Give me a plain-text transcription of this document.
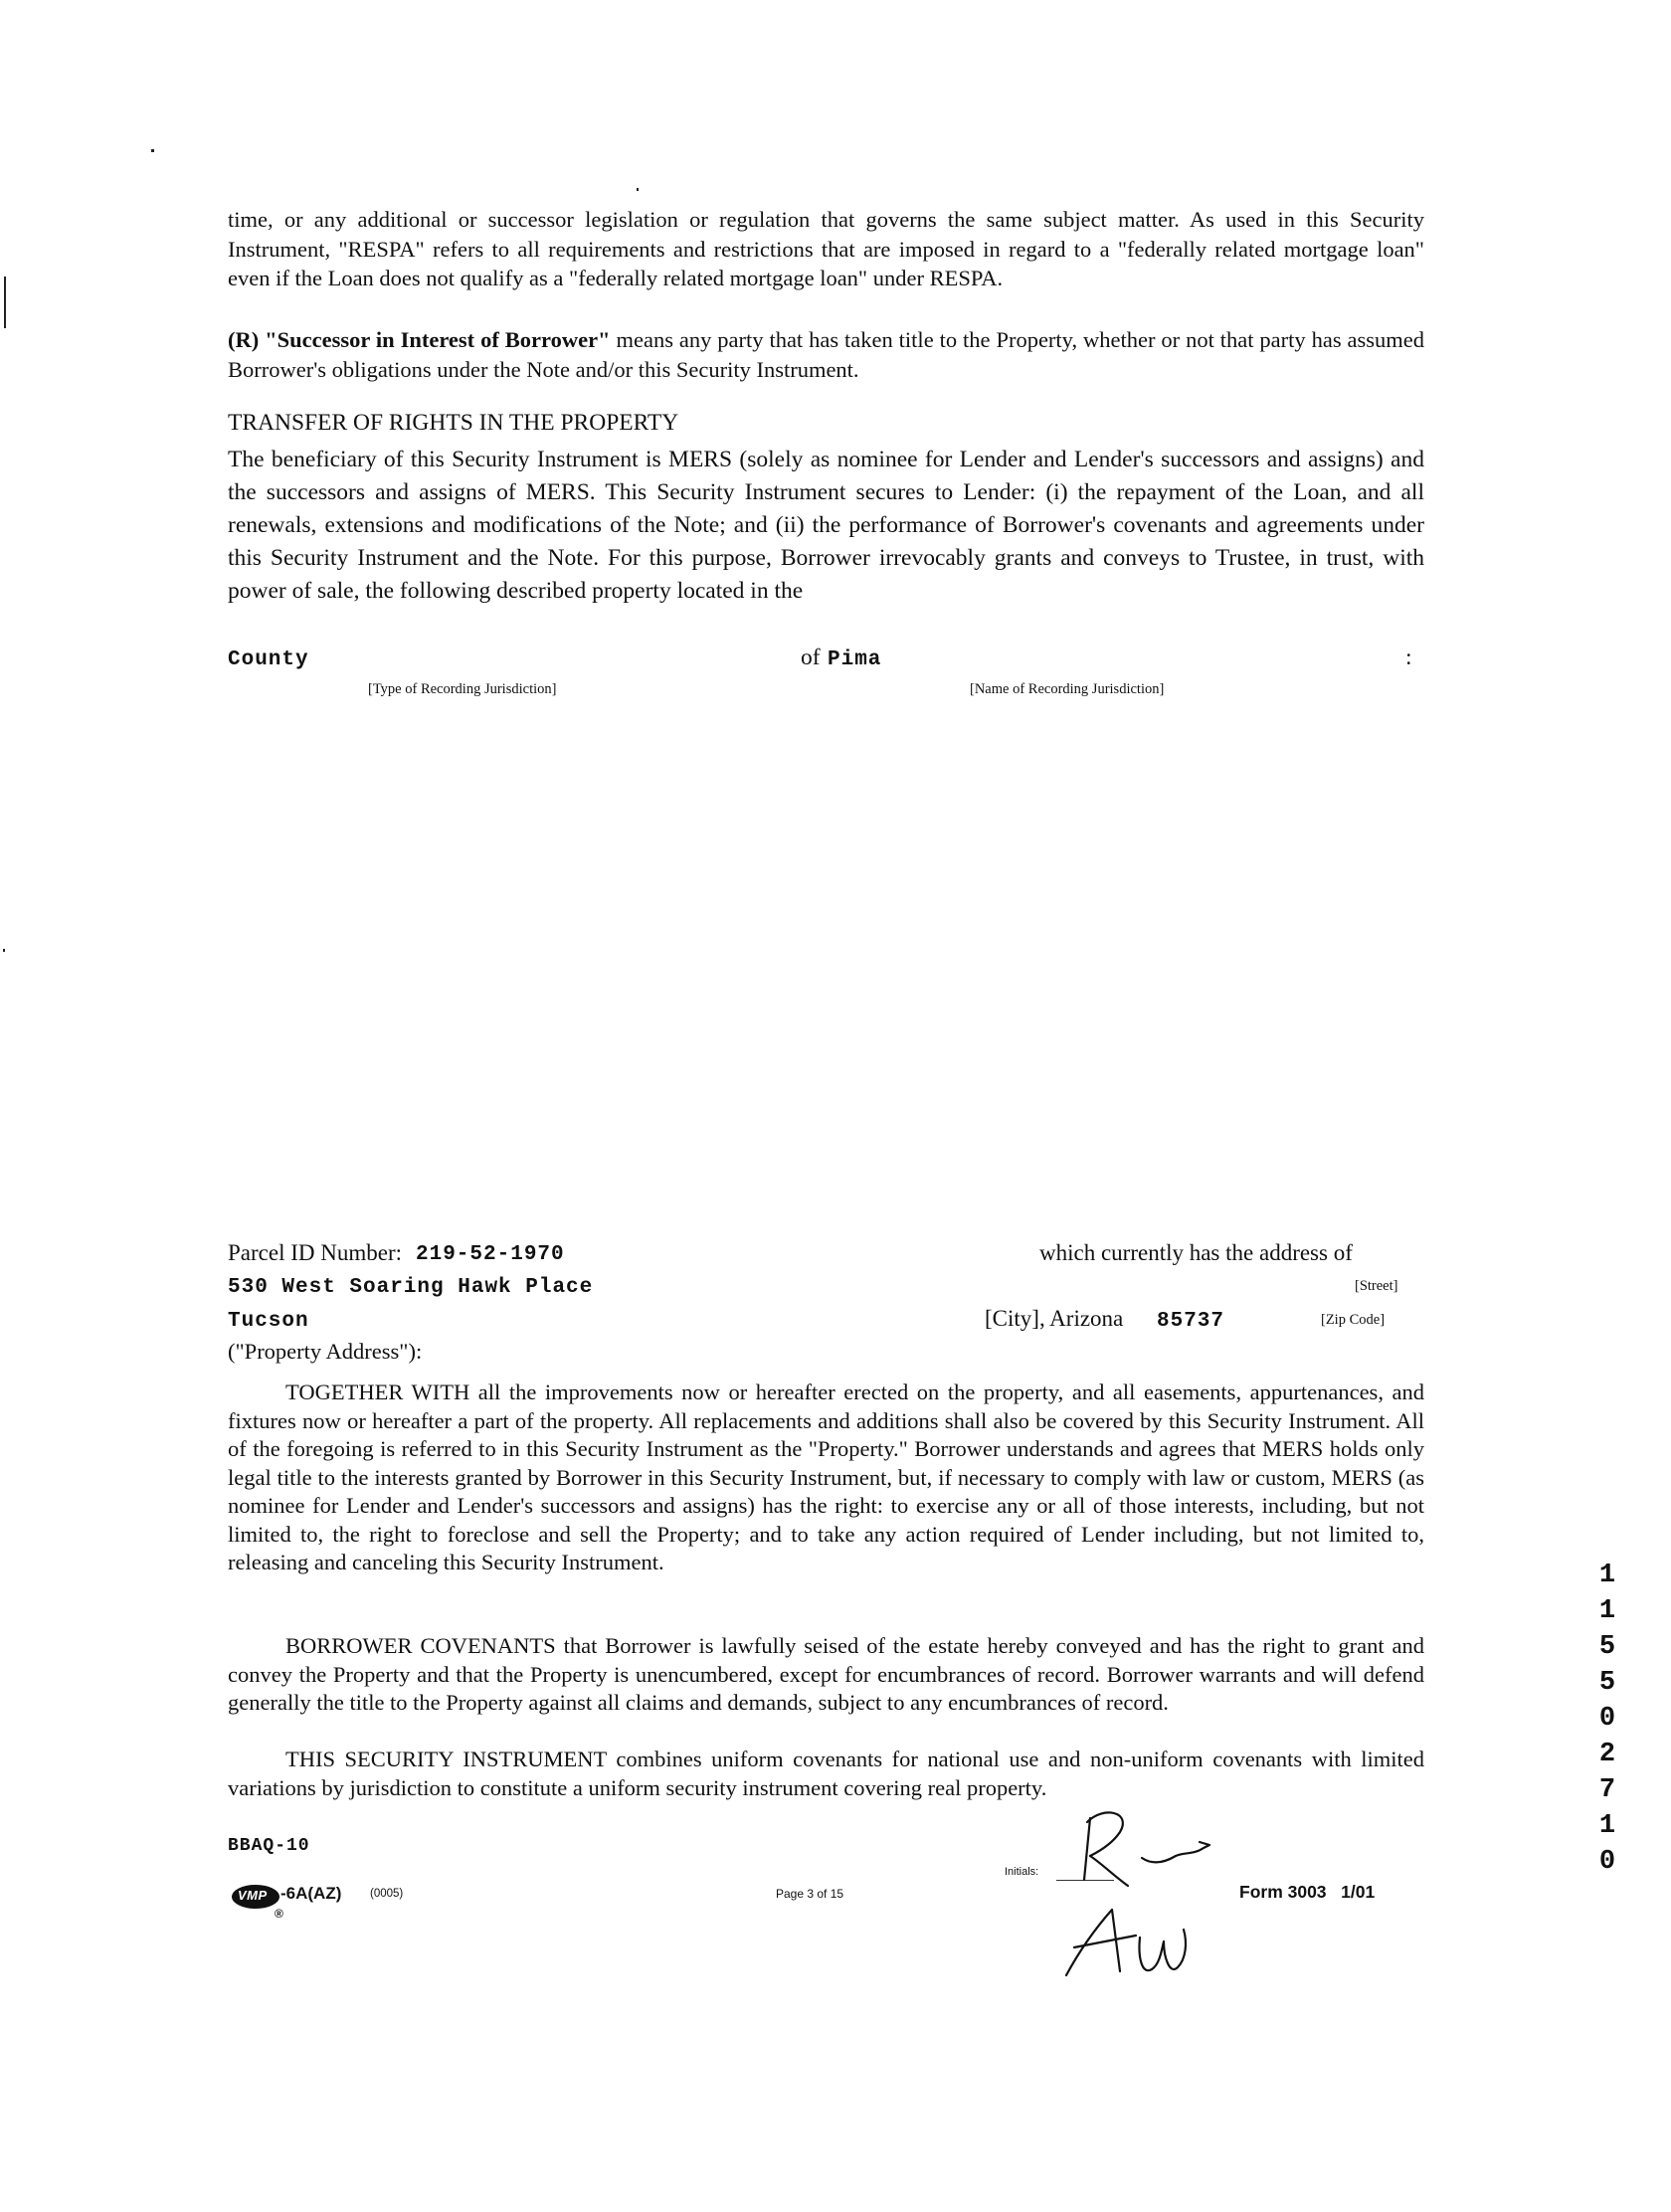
time, or any additional or successor legislation or regulation that governs the same subject matter. As used in this Security Instrument, "RESPA" refers to all requirements and restrictions that are imposed in regard to a "federally related mortgage loan" even if the Loan does not qualify as a "federally related mortgage loan" under RESPA.
(R) "Successor in Interest of Borrower" means any party that has taken title to the Property, whether or not that party has assumed Borrower's obligations under the Note and/or this Security Instrument.
TRANSFER OF RIGHTS IN THE PROPERTY
The beneficiary of this Security Instrument is MERS (solely as nominee for Lender and Lender's successors and assigns) and the successors and assigns of MERS. This Security Instrument secures to Lender: (i) the repayment of the Loan, and all renewals, extensions and modifications of the Note; and (ii) the performance of Borrower's covenants and agreements under this Security Instrument and the Note. For this purpose, Borrower irrevocably grants and conveys to Trustee, in trust, with power of sale, the following described property located in the
County	of Pima	:
[Type of Recording Jurisdiction]	[Name of Recording Jurisdiction]
Parcel ID Number: 219-52-1970	which currently has the address of
530 West Soaring Hawk Place	[Street]
Tucson	[City], Arizona 85737	[Zip Code]
("Property Address"):
TOGETHER WITH all the improvements now or hereafter erected on the property, and all easements, appurtenances, and fixtures now or hereafter a part of the property. All replacements and additions shall also be covered by this Security Instrument. All of the foregoing is referred to in this Security Instrument as the "Property." Borrower understands and agrees that MERS holds only legal title to the interests granted by Borrower in this Security Instrument, but, if necessary to comply with law or custom, MERS (as nominee for Lender and Lender's successors and assigns) has the right: to exercise any or all of those interests, including, but not limited to, the right to foreclose and sell the Property; and to take any action required of Lender including, but not limited to, releasing and canceling this Security Instrument.
BORROWER COVENANTS that Borrower is lawfully seised of the estate hereby conveyed and has the right to grant and convey the Property and that the Property is unencumbered, except for encumbrances of record. Borrower warrants and will defend generally the title to the Property against all claims and demands, subject to any encumbrances of record.
THIS SECURITY INSTRUMENT combines uniform covenants for national use and non-uniform covenants with limited variations by jurisdiction to constitute a uniform security instrument covering real property.
BBAQ-10
VMP -6A(AZ) (0005)
®
Page 3 of 15
Initials:
Form 3003   1/01
1 1 5 5 0 2 7 1 0
